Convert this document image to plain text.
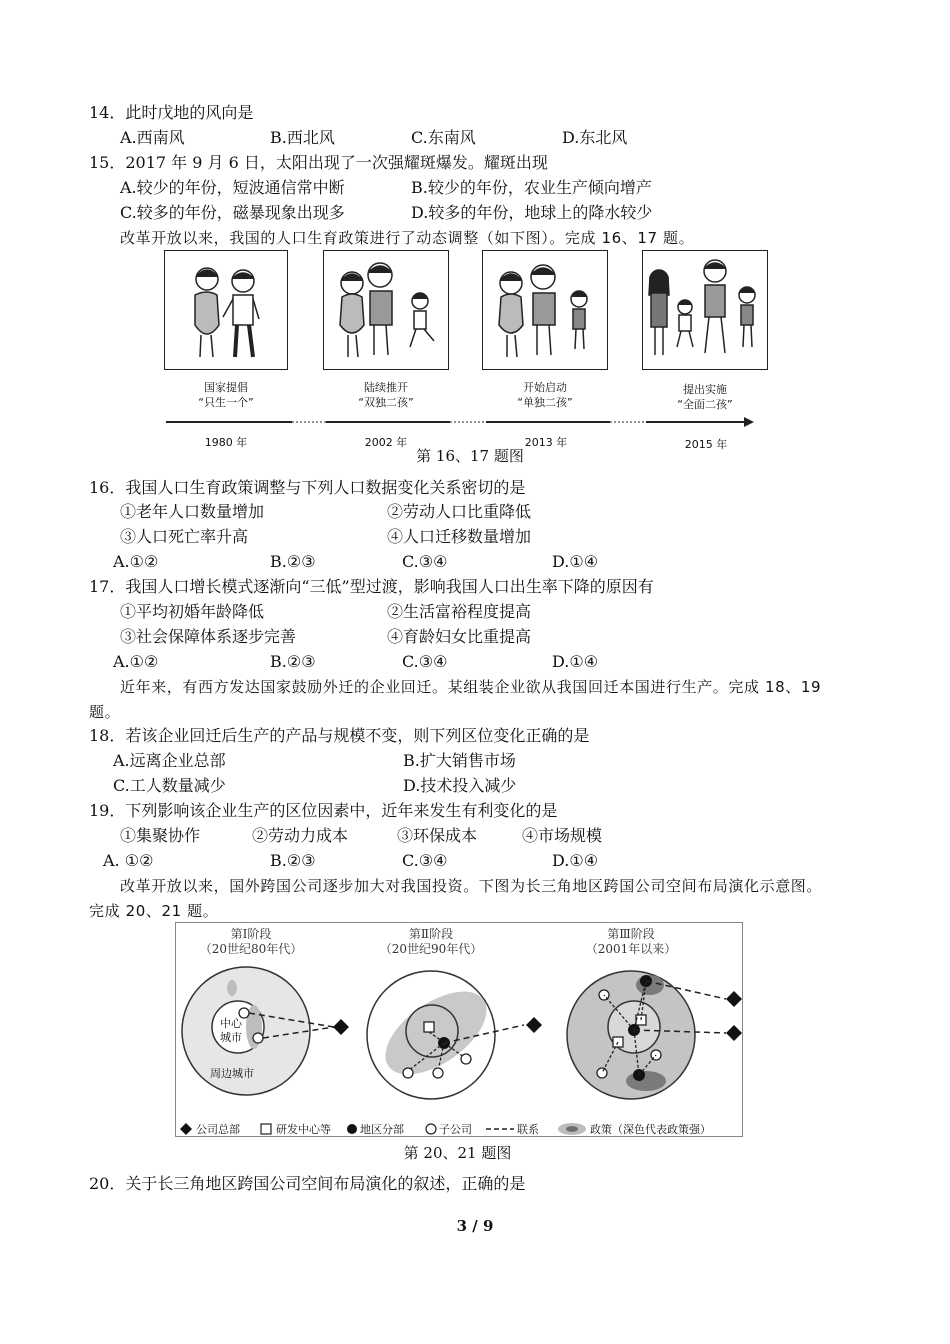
14．此时戊地的风向是
A.西南风	B.西北风	C.东南风	D.东北风
15．2017 年 9 月 6 日，太阳出现了一次强耀斑爆发。耀斑出现
A.较少的年份，短波通信常中断	B.较少的年份，农业生产倾向增产
C.较多的年份，磁暴现象出现多	D.较多的年份，地球上的降水较少
改革开放以来，我国的人口生育政策进行了动态调整（如下图）。完成 16、17 题。
国家提倡
“只生一个”
陆续推开
“双独二孩”
开始启动
“单独二孩”
提出实施
“全面二孩”
1980 年	2002 年	2013 年	2015 年
第 16、17 题图
16．我国人口生育政策调整与下列人口数据变化关系密切的是
①老年人口数量增加	②劳动人口比重降低
③人口死亡率升高	④人口迁移数量增加
A.①②	B.②③	C.③④	D.①④
17．我国人口增长模式逐渐向“三低”型过渡，影响我国人口出生率下降的原因有
①平均初婚年龄降低	②生活富裕程度提高
③社会保障体系逐步完善	④育龄妇女比重提高
A.①②	B.②③	C.③④	D.①④
近年来，有西方发达国家鼓励外迁的企业回迁。某组装企业欲从我国回迁本国进行生产。完成 18、19
题。
18．若该企业回迁后生产的产品与规模不变，则下列区位变化正确的是
A.远离企业总部	B.扩大销售市场
C.工人数量减少	D.技术投入减少
19．下列影响该企业生产的区位因素中，近年来发生有利变化的是
①集聚协作	②劳动力成本	③环保成本	④市场规模
A. ①②	B.②③	C.③④	D.①④
改革开放以来，国外跨国公司逐步加大对我国投资。下图为长三角地区跨国公司空间布局演化示意图。
完成 20、21 题。
第Ⅰ阶段
（20世纪80年代）
第Ⅱ阶段
（20世纪90年代）
第Ⅲ阶段
（2001年以来）
中心
城市
周边城市
公司总部	研发中心等	地区分部	子公司	联系	政策（深色代表政策强）
第 20、21 题图
20．关于长三角地区跨国公司空间布局演化的叙述，正确的是
3 / 9
